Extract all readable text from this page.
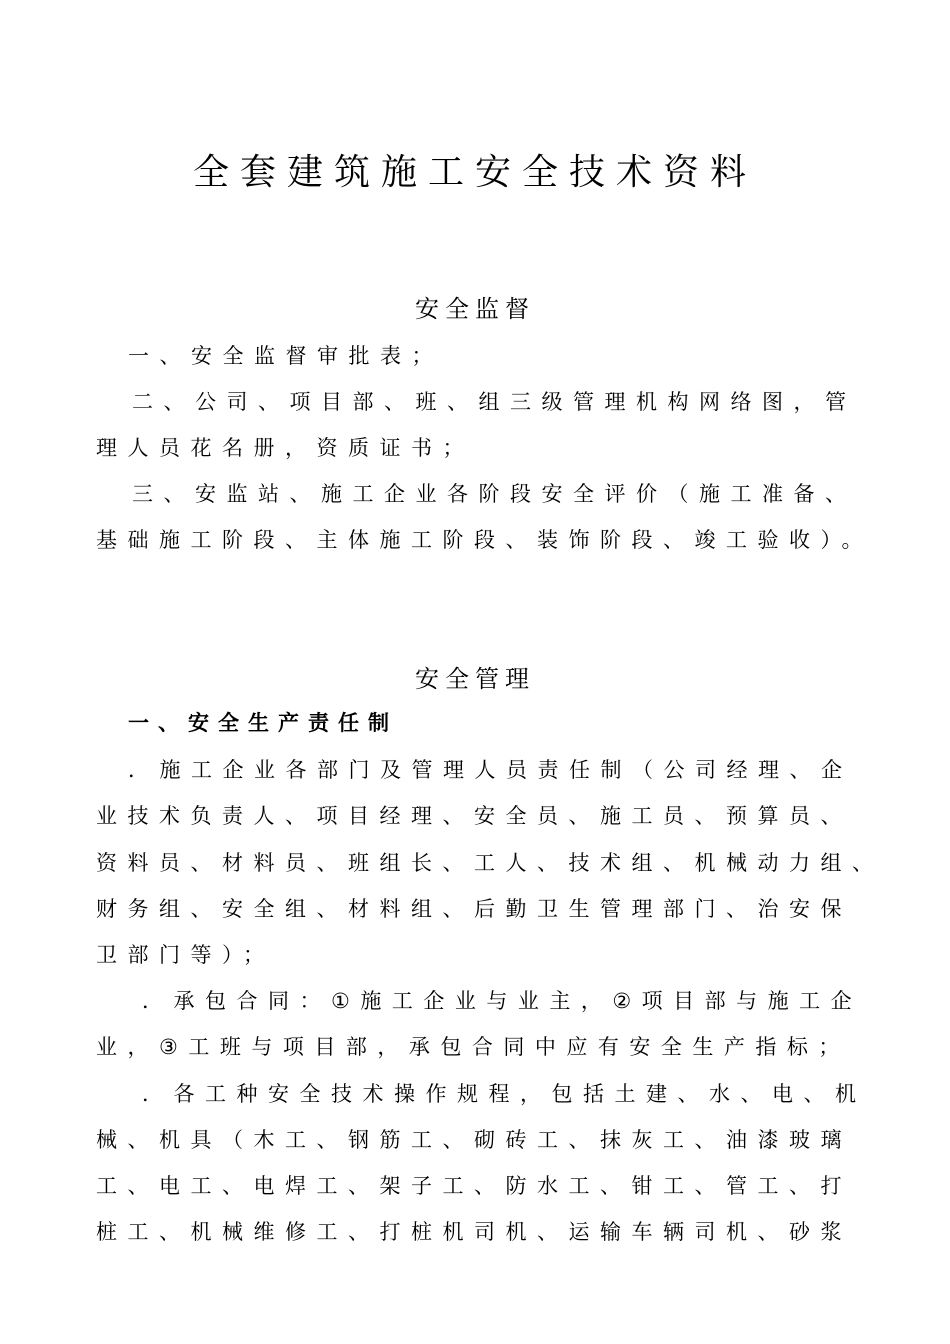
全套建筑施工安全技术资料
安全监督
一、安全监督审批表；
二、公司、项目部、班、组三级管理机构网络图，管
理人员花名册，资质证书；
三、安监站、施工企业各阶段安全评价（施工准备、
基础施工阶段、主体施工阶段、装饰阶段、竣工验收）。
安全管理
一、安全生产责任制
．施工企业各部门及管理人员责任制（公司经理、企
业技术负责人、项目经理、安全员、施工员、预算员、
资料员、材料员、班组长、工人、技术组、机械动力组、
财务组、安全组、材料组、后勤卫生管理部门、治安保
卫部门等）；
．承包合同：①施工企业与业主，②项目部与施工企
业，③工班与项目部，承包合同中应有安全生产指标；
．各工种安全技术操作规程，包括土建、水、电、机
械、机具（木工、钢筋工、砌砖工、抹灰工、油漆玻璃
工、电工、电焊工、架子工、防水工、钳工、管工、打
桩工、机械维修工、打桩机司机、运输车辆司机、砂浆
